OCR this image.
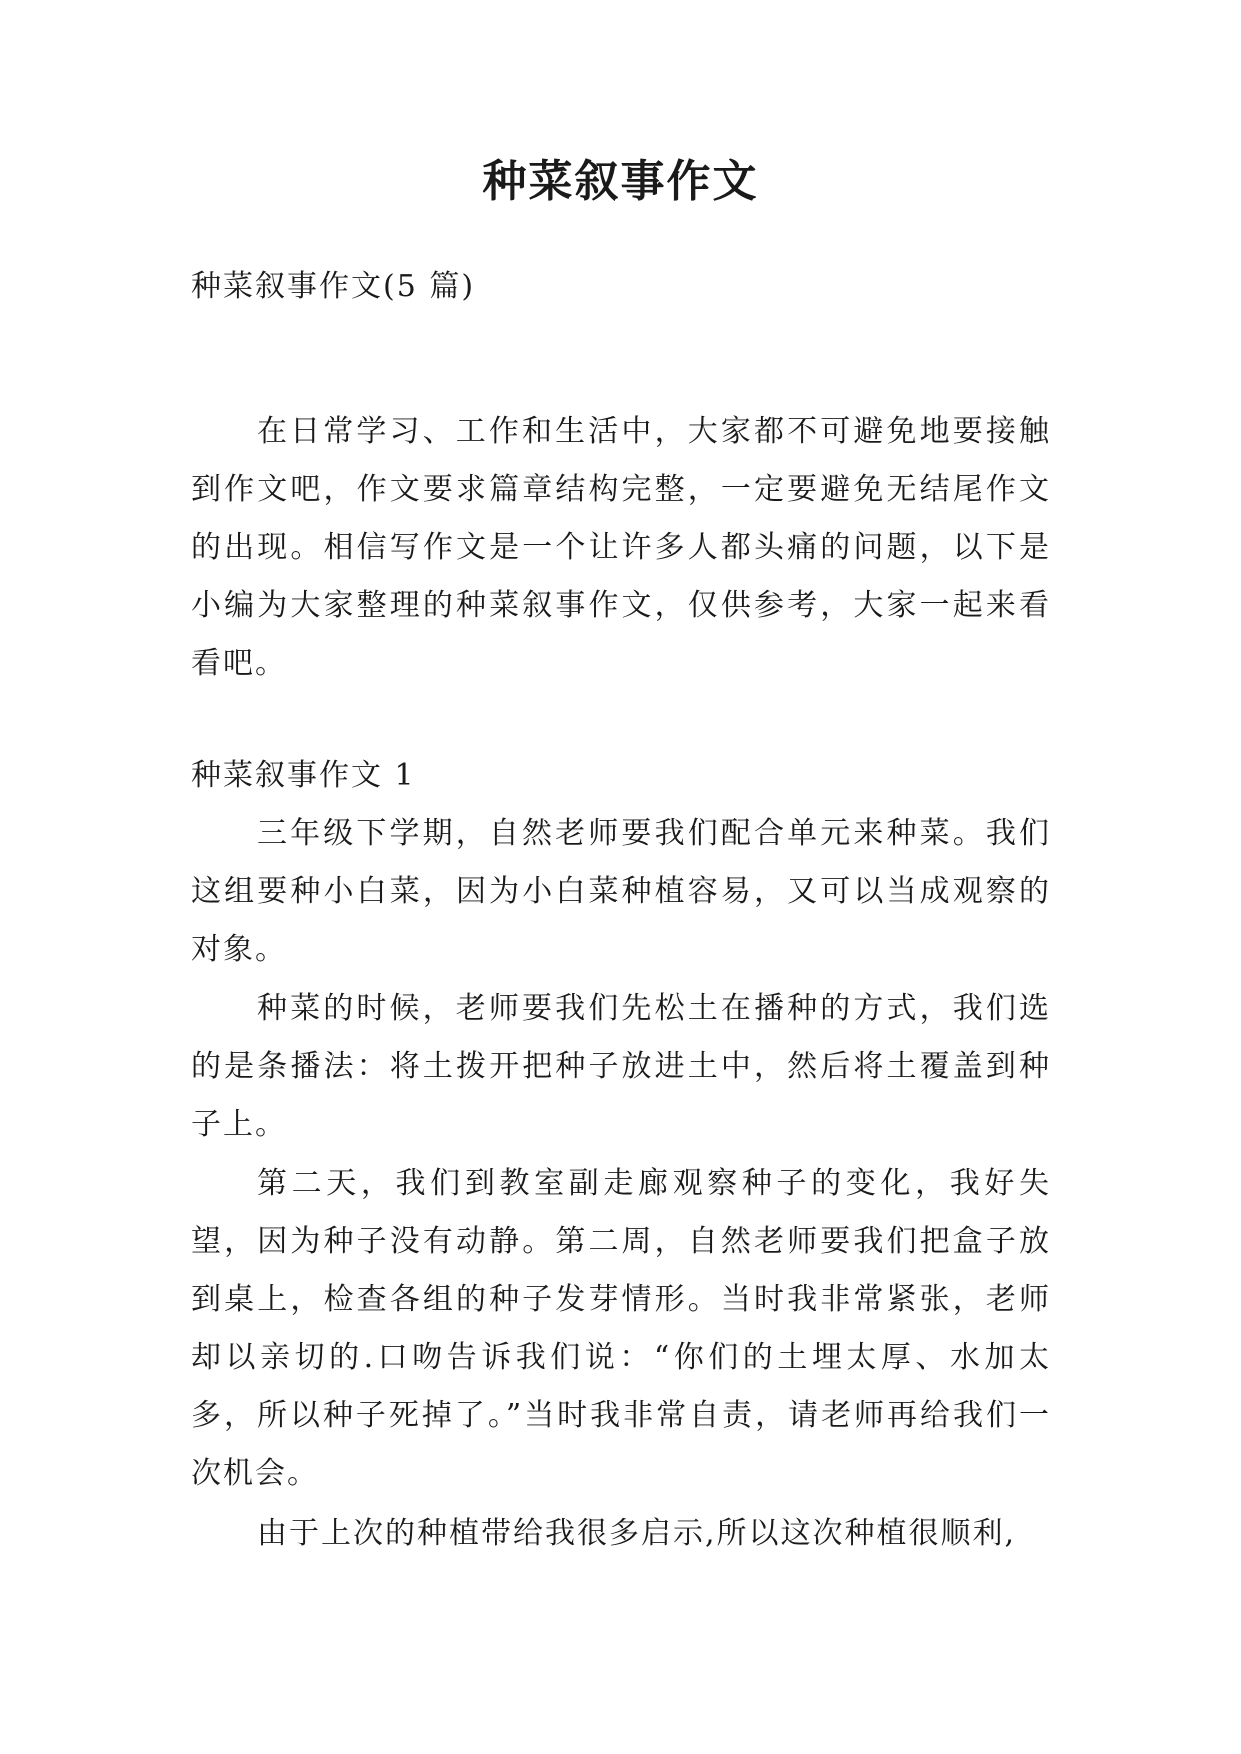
种菜叙事作文

种菜叙事作文(5 篇)

在日常学习、工作和生活中，大家都不可避免地要接触到作文吧，作文要求篇章结构完整，一定要避免无结尾作文的出现。相信写作文是一个让许多人都头痛的问题，以下是小编为大家整理的种菜叙事作文，仅供参考，大家一起来看看吧。

种菜叙事作文 1

三年级下学期，自然老师要我们配合单元来种菜。我们这组要种小白菜，因为小白菜种植容易，又可以当成观察的对象。

种菜的时候，老师要我们先松土在播种的方式，我们选的是条播法：将土拨开把种子放进土中，然后将土覆盖到种子上。

第二天，我们到教室副走廊观察种子的变化，我好失望，因为种子没有动静。第二周，自然老师要我们把盒子放到桌上，检查各组的种子发芽情形。当时我非常紧张，老师却以亲切的.口吻告诉我们说：“你们的土埋太厚、水加太多，所以种子死掉了。”当时我非常自责，请老师再给我们一次机会。

由于上次的种植带给我很多启示,所以这次种植很顺利,
